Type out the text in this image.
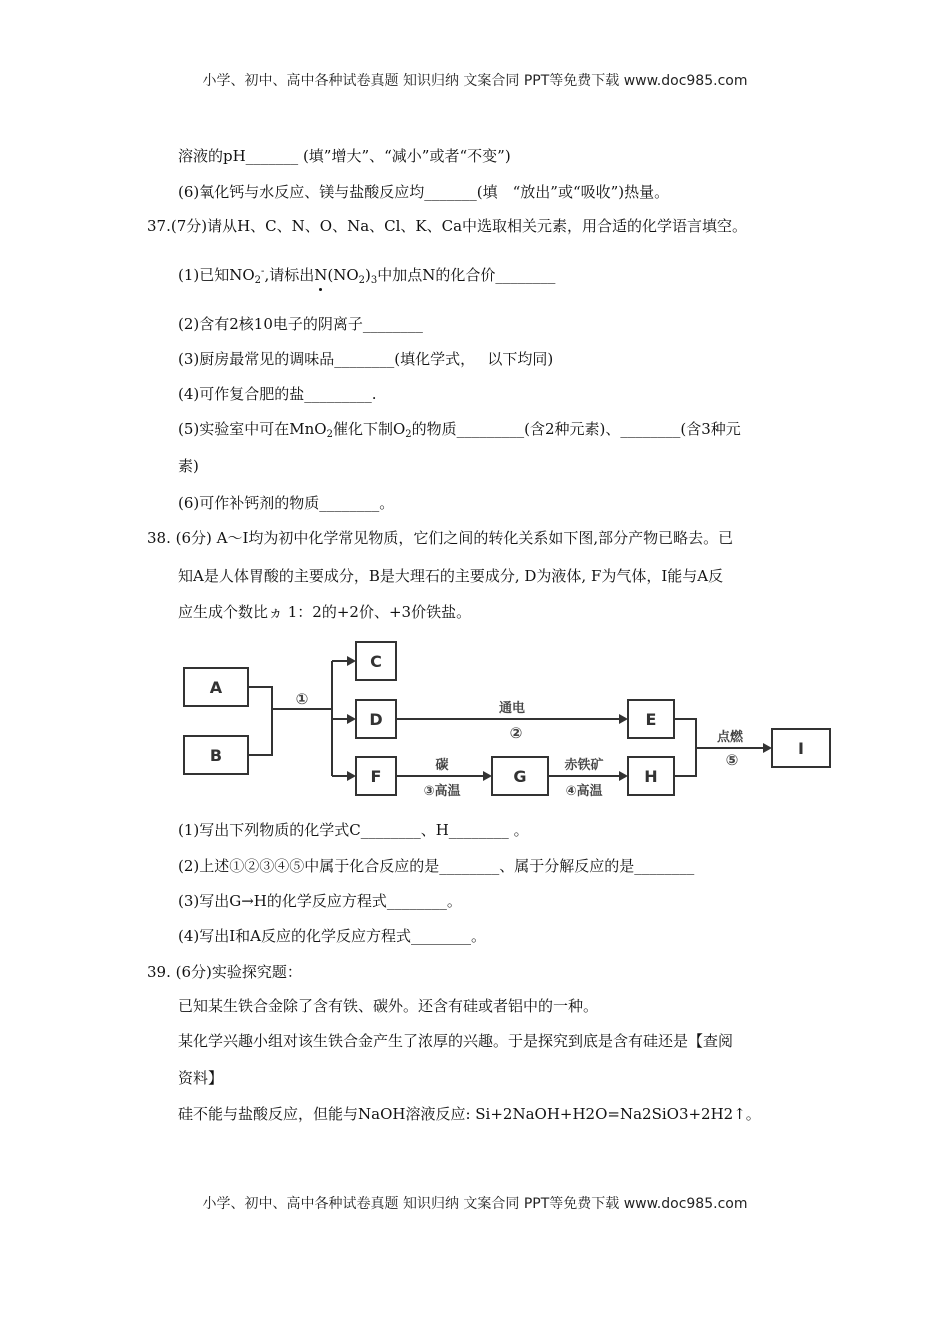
小学、初中、高中各种试卷真题 知识归纳 文案合同 PPT等免费下载 www.doc985.com
溶液的pH_______ (填”增大”、“减小”或者“不变”)
(6)氧化钙与水反应、镁与盐酸反应均_______(填　“放出”或“吸收”)热量。
37.(7分)请从H、C、N、O、Na、Cl、K、Ca中选取相关元素，用合适的化学语言填空。
(1)已知$NO_2^-$,请标出$N(NO_2)_3$中加点N的化合价________
(2)含有2核10电子的阴离子________
(3)厨房最常见的调味品________(填化学式，　 以下均同)
(4)可作复合肥的盐_________.
(5)实验室中可在MnO$_2$催化下制$O_2$的物质_________(含2种元素)、________(含3种元
素)
(6)可作补钙剂的物质________。
38. (6分) A～I均为初中化学常见物质，它们之间的转化关系如下图,部分产物已略去。已
知A是人体胃酸的主要成分，B是大理石的主要成分, D为液体, F为气体，I能与A反
应生成个数比ヵ 1：2的+2价、+3价铁盐。
A
B
C
D	E
F	G	H
I
①
通电
②
碳
③高温
赤铁矿
④高温
点燃
⑤
(1)写出下列物质的化学式C________、H________ 。
(2)上述①②③④⑤中属于化合反应的是________、属于分解反应的是________
(3)写出G→H的化学反应方程式________。
(4)写出I和A反应的化学反应方程式________。
39. (6分)实验探究题：
已知某生铁合金除了含有铁、碳外。还含有硅或者铝中的一种。
某化学兴趣小组对该生铁合金产生了浓厚的兴趣。于是探究到底是含有硅还是【查阅
资料】
硅不能与盐酸反应，但能与NaOH溶液反应: Si+2NaOH+H2O=Na2SiO3+2H2↑。
小学、初中、高中各种试卷真题 知识归纳 文案合同 PPT等免费下载 www.doc985.com
